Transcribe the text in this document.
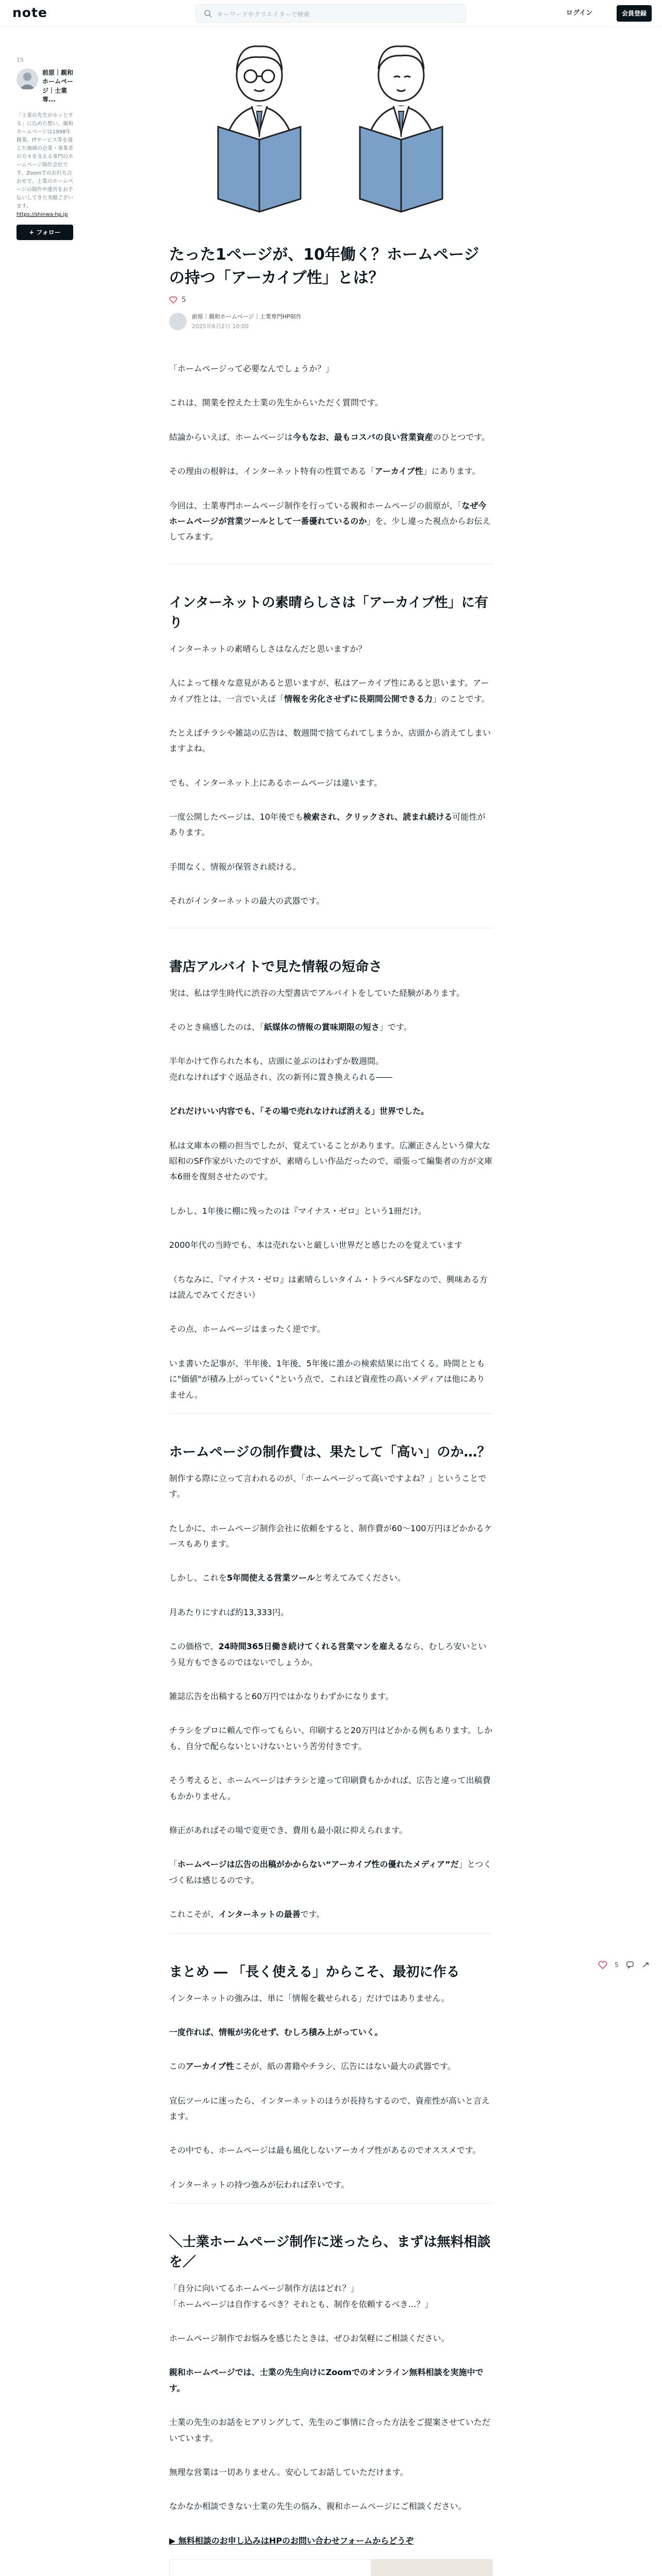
note	キーワードやクリエイターで検索	ログイン	会員登録
15
前原｜親和ホームページ｜士業専...
「士業の先生がホッとする」に込めた想い。親和ホームページは1998年創業。ITサービス等を通じた地域の企業・事業者の方々を支える専門のホームページ制作会社です。Zoomでのお打ち合わせで、士業のホームページの制作や運営をお手伝いしてきた実績ございます。
https://shinwa-hp.jp
+ フォロー
5
たった1ページが、10年働く？ホームページの持つ「アーカイブ性」とは？
5
前原｜親和ホームページ｜士業専門HP制作
2025年6月2日 10:00

「ホームページって必要なんでしょうか？」

これは、開業を控えた士業の先生からいただく質問です。

結論からいえば、ホームページは今もなお、最もコスパの良い営業資産のひとつです。

その理由の根幹は、インターネット特有の性質である「アーカイブ性」にあります。

今回は、士業専門ホームページ制作を行っている親和ホームページの前原が、「なぜ今ホームページが営業ツールとして一番優れているのか」を、少し違った視点からお伝えしてみます。

インターネットの素晴らしさは「アーカイブ性」に有り

インターネットの素晴らしさはなんだと思いますか？

人によって様々な意見があると思いますが、私はアーカイブ性にあると思います。アーカイブ性とは、一言でいえば「情報を劣化させずに長期間公開できる力」のことです。

たとえばチラシや雑誌の広告は、数週間で捨てられてしまうか、店頭から消えてしまいますよね。

でも、インターネット上にあるホームページは違います。

一度公開したページは、10年後でも検索され、クリックされ、読まれ続ける可能性があります。

手間なく、情報が保管され続ける。

それがインターネットの最大の武器です。

書店アルバイトで見た情報の短命さ

実は、私は学生時代に渋谷の大型書店でアルバイトをしていた経験があります。

そのとき痛感したのは、「紙媒体の情報の賞味期限の短さ」です。

半年かけて作られた本も、店頭に並ぶのはわずか数週間。
売れなければすぐ返品され、次の新刊に置き換えられる――

どれだけいい内容でも、「その場で売れなければ消える」世界でした。

私は文庫本の棚の担当でしたが、覚えていることがあります。広瀬正さんという偉大な昭和のSF作家がいたのですが、素晴らしい作品だったので、頑張って編集者の方が文庫本6冊を復刻させたのです。

しかし、1年後に棚に残ったのは『マイナス・ゼロ』という1冊だけ。

2000年代の当時でも、本は売れないと厳しい世界だと感じたのを覚えています

（ちなみに、『マイナス・ゼロ』は素晴らしいタイム・トラベルSFなので、興味ある方は読んでみてください）

その点、ホームページはまったく逆です。

いま書いた記事が、半年後、1年後、5年後に誰かの検索結果に出てくる。時間とともに"価値"が積み上がっていく"という点で、これほど資産性の高いメディアは他にありません。

ホームページの制作費は、果たして「高い」のか…？

制作する際に立って言われるのが、「ホームページって高いですよね？」ということです。

たしかに、ホームページ制作会社に依頼をすると、制作費が60〜100万円ほどかかるケースもあります。

しかし、これを5年間使える営業ツールと考えてみてください。

月あたりにすれば約13,333円。

この価格で、24時間365日働き続けてくれる営業マンを雇えるなら、むしろ安いという見方もできるのではないでしょうか。

雑誌広告を出稿すると60万円ではかなりわずかになります。

チラシをプロに頼んで作ってもらい、印刷すると20万円はどかかる例もあります。しかも、自分で配らないといけないという苦労付きです。

そう考えると、ホームページはチラシと違って印刷費もかかれば、広告と違って出稿費もかかりません。

修正があればその場で変更でき、費用も最小限に抑えられます。

「ホームページは広告の出稿がかからない“アーカイブ性の優れたメディア”だ」とつくづく私は感じるのです。

これこそが、インターネットの最善です。

まとめ ― 「長く使える」からこそ、最初に作る

インターネットの強みは、単に「情報を載せられる」だけではありません。

一度作れば、情報が劣化せず、むしろ積み上がっていく。

このアーカイブ性こそが、紙の書籍やチラシ、広告にはない最大の武器です。

宣伝ツールに迷ったら、インターネットのほうが長持ちするので、資産性が高いと言えます。

その中でも、ホームページは最も風化しないアーカイブ性があるのでオススメです。

インターネットの持つ強みが伝われば幸いです。

＼士業ホームページ制作に迷ったら、まずは無料相談を／

「自分に向いてるホームページ制作方法はどれ？」
「ホームページは自作するべき？それとも、制作を依頼するべき…？」

ホームページ制作でお悩みを感じたときは、ぜひお気軽にご相談ください。

親和ホームページでは、士業の先生向けにZoomでのオンライン無料相談を実施中です。

士業の先生のお話をヒアリングして、先生のご事情に合った方法をご提案させていただいています。

無理な営業は一切ありません。安心してお話していただけます。

なかなか相談できない士業の先生の悩み、親和ホームページにご相談ください。

▶ 無料相談のお申し込みはHPのお問い合わせフォームからどうぞ
